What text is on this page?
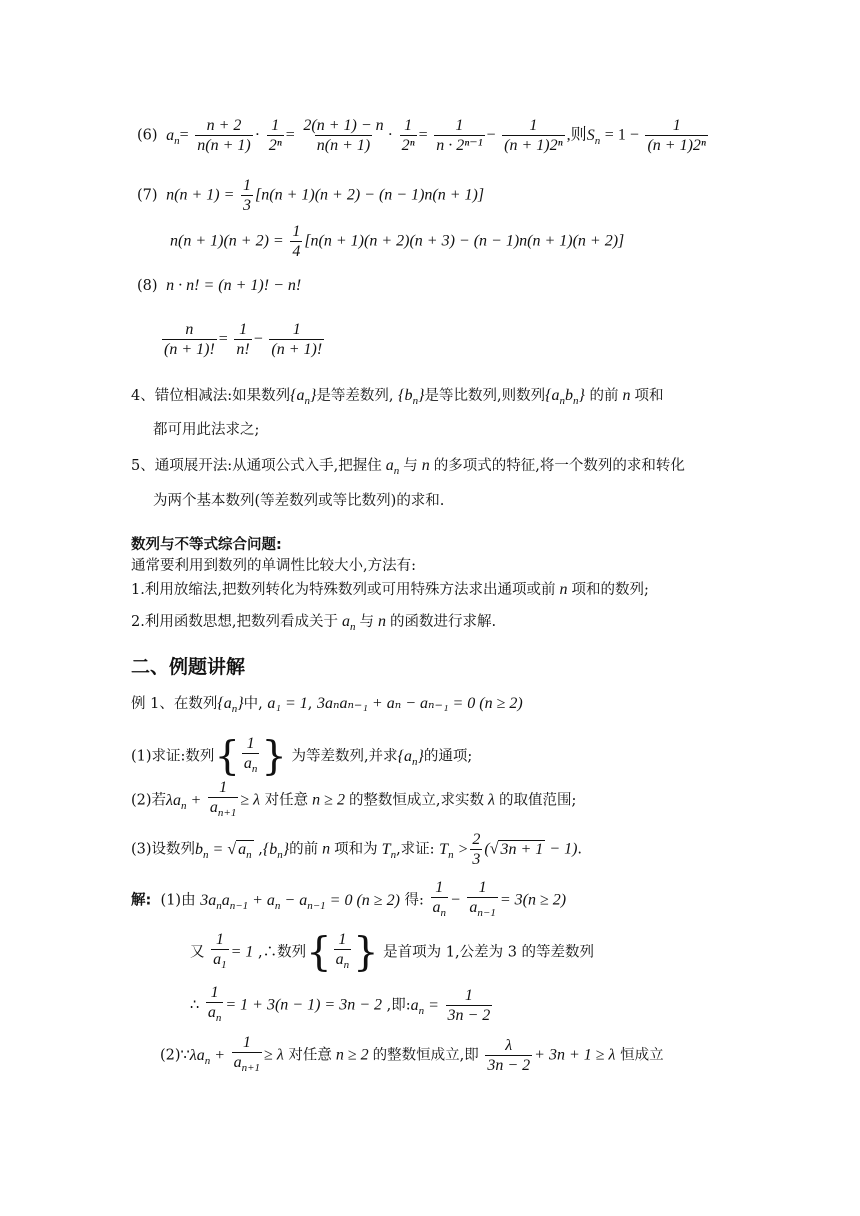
(6)  $a_n= \frac{n + 2}{n(n + 1)} \cdot \frac{1}{\text{2ⁿ}} = \frac{2(n + 1) - n}{n(n + 1)} \cdot \frac{1}{\text{2ⁿ}} = \frac{1}{\text{n · 2ⁿ⁻¹}} - \frac{1}{\text{(n + 1)2ⁿ}}$ ,则$S_n = 1 - \frac{1}{\text{(n + 1)2ⁿ}}$
(7) $n(n + 1) = \frac{1}{3} [n(n + 1)(n + 2) - (n - 1)n(n + 1)]$
$n(n + 1)(n + 2) = \frac{1}{4} [n(n + 1)(n + 2)(n + 3) - (n - 1)n(n + 1)(n + 2)]$
(8) n · n! = (n + 1)! − n!
$\frac{n}{(n + 1)!} = \frac{1}{n!} - \frac{1}{(n + 1)!}$
4、错位相减法:如果数列$\{a_n\}$是等差数列, $\{b_n\}$是等比数列,则数列$\{a_nb_n\}$ 的前 n 项和
都可用此法求之;
5、通项展开法:从通项公式入手,把握住 $a_n$ 与 n 的多项式的特征,将一个数列的求和转化
为两个基本数列(等差数列或等比数列)的求和.
数列与不等式综合问题:
通常要利用到数列的单调性比较大小,方法有:
1.利用放缩法,把数列转化为特殊数列或可用特殊方法求出通项或前 n 项和的数列;
2.利用函数思想,把数列看成关于 $a_n$ 与 n 的函数进行求解.
二、例题讲解
例 1、在数列$\{a_n\}$中, a₁ = 1, 3aₙaₙ₋₁ + aₙ − aₙ₋₁ = 0 (n ≥ 2)
(1)求证:数列{ $\frac{1}{a_n}$ } 为等差数列,并求$\{a_n\}$的通项;
(2)若$\lambda a_n + \frac{1}{a_{n+1}} \ge \lambda$ 对任意 n ≥ 2 的整数恒成立,求实数 λ 的取值范围;
(3)设数列$b_n$ = √ $a_n$ $,\{b_n\}$的前 n 项和为 $T_n$,求证: $T_n > \frac{2}{3}$ (√ 3n + 1 − 1).
解: (1)由 $3a_na_{n-1} + a_n - a_{n-1} = 0$ (n ≥ 2) 得: $\frac{1}{a_n} - \frac{1}{a_{n-1}} = 3(n \ge 2)$
又 $\frac{1}{a_1} = 1$ ,∴数列{ $\frac{1}{a_n}$ } 是首项为 1,公差为 3 的等差数列
∴ $\frac{1}{a_n} = 1 + 3(n - 1) = 3n - 2$ ,即$:a_n = \frac{1}{3n - 2}$
$(2)\because\lambda a_n + \frac{1}{a_{n+1}} \ge \lambda$ 对任意 n ≥ 2 的整数恒成立,即 $\frac{\lambda}{3n - 2} + 3n + 1 \ge \lambda$ 恒成立
